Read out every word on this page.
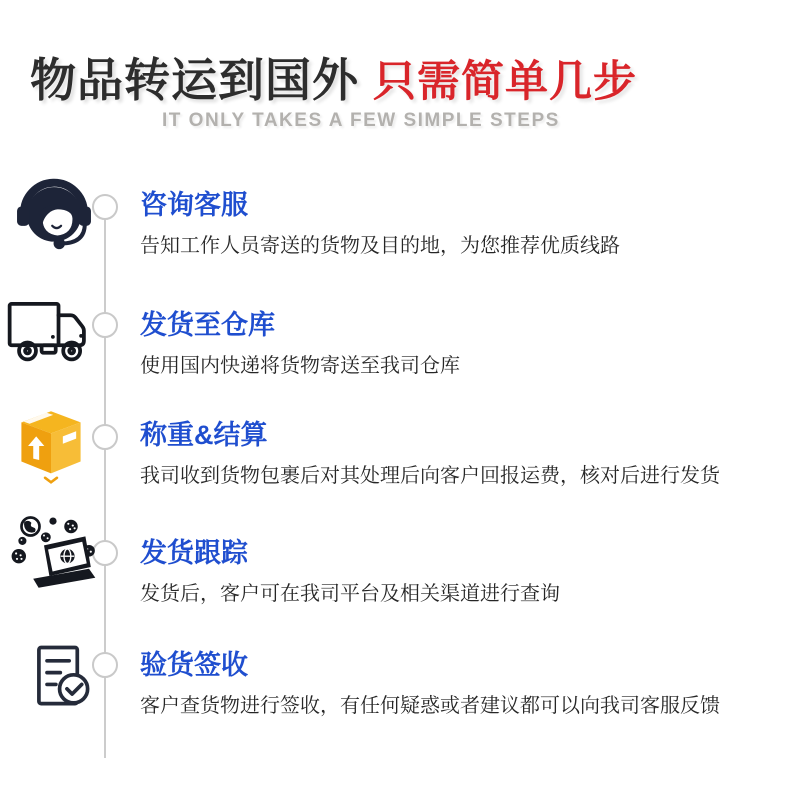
物品转运到国外 只需简单几步
IT ONLY TAKES A FEW SIMPLE STEPS
咨询客服

告知工作人员寄送的货物及目的地，为您推荐优质线路

发货至仓库

使用国内快递将货物寄送至我司仓库

称重&结算

我司收到货物包裹后对其处理后向客户回报运费，核对后进行发货

发货跟踪

发货后，客户可在我司平台及相关渠道进行查询

验货签收

客户查货物进行签收，有任何疑惑或者建议都可以向我司客服反馈
